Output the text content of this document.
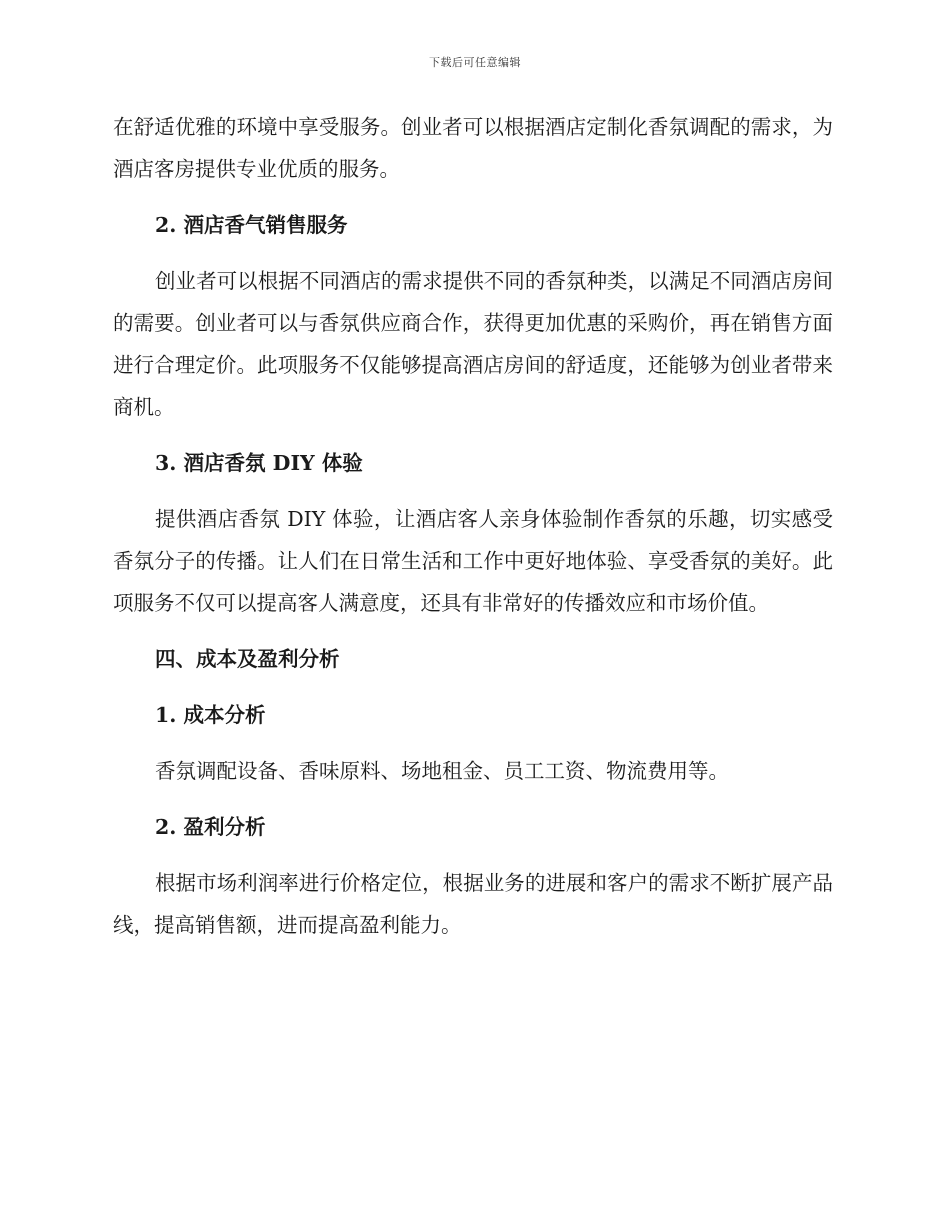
下载后可任意编辑

在舒适优雅的环境中享受服务。创业者可以根据酒店定制化香氛调配的需求，为酒店客房提供专业优质的服务。

2. 酒店香气销售服务

创业者可以根据不同酒店的需求提供不同的香氛种类，以满足不同酒店房间的需要。创业者可以与香氛供应商合作，获得更加优惠的采购价，再在销售方面进行合理定价。此项服务不仅能够提高酒店房间的舒适度，还能够为创业者带来商机。

3. 酒店香氛 DIY 体验

提供酒店香氛 DIY 体验，让酒店客人亲身体验制作香氛的乐趣，切实感受香氛分子的传播。让人们在日常生活和工作中更好地体验、享受香氛的美好。此项服务不仅可以提高客人满意度，还具有非常好的传播效应和市场价值。

四、成本及盈利分析

1. 成本分析

香氛调配设备、香味原料、场地租金、员工工资、物流费用等。

2. 盈利分析

根据市场利润率进行价格定位，根据业务的进展和客户的需求不断扩展产品线，提高销售额，进而提高盈利能力。
